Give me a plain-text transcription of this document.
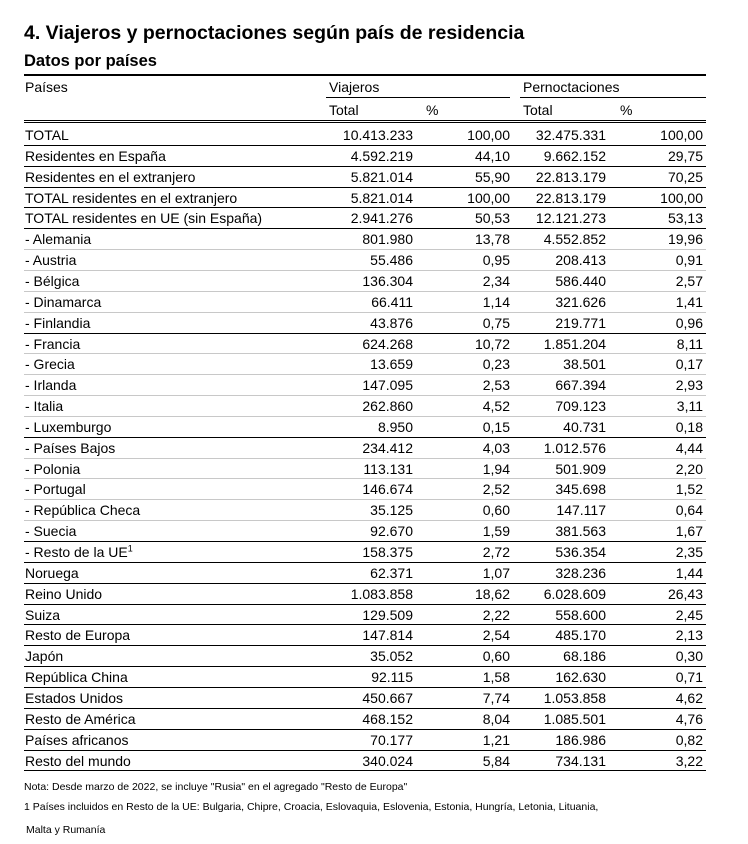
4. Viajeros y pernoctaciones según país de residencia
Datos por países
Países	Viajeros	Pernoctaciones
Total	%	Total	%
TOTAL	10.413.233	100,00	32.475.331	100,00
Residentes en España	4.592.219	44,10	9.662.152	29,75
Residentes en el extranjero	5.821.014	55,90	22.813.179	70,25
TOTAL residentes en el extranjero	5.821.014	100,00	22.813.179	100,00
TOTAL residentes en UE (sin España)	2.941.276	50,53	12.121.273	53,13
- Alemania	801.980	13,78	4.552.852	19,96
- Austria	55.486	0,95	208.413	0,91
- Bélgica	136.304	2,34	586.440	2,57
- Dinamarca	66.411	1,14	321.626	1,41
- Finlandia	43.876	0,75	219.771	0,96
- Francia	624.268	10,72	1.851.204	8,11
- Grecia	13.659	0,23	38.501	0,17
- Irlanda	147.095	2,53	667.394	2,93
- Italia	262.860	4,52	709.123	3,11
- Luxemburgo	8.950	0,15	40.731	0,18
- Países Bajos	234.412	4,03	1.012.576	4,44
- Polonia	113.131	1,94	501.909	2,20
- Portugal	146.674	2,52	345.698	1,52
- República Checa	35.125	0,60	147.117	0,64
- Suecia	92.670	1,59	381.563	1,67
- Resto de la $UE^1$	158.375	2,72	536.354	2,35
Noruega	62.371	1,07	328.236	1,44
Reino Unido	1.083.858	18,62	6.028.609	26,43
Suiza	129.509	2,22	558.600	2,45
Resto de Europa	147.814	2,54	485.170	2,13
Japón	35.052	0,60	68.186	0,30
República China	92.115	1,58	162.630	0,71
Estados Unidos	450.667	7,74	1.053.858	4,62
Resto de América	468.152	8,04	1.085.501	4,76
Países africanos	70.177	1,21	186.986	0,82
Resto del mundo	340.024	5,84	734.131	3,22
Nota: Desde marzo de 2022, se incluye "Rusia" en el agregado "Resto de Europa"
1 Países incluidos en Resto de la UE: Bulgaria, Chipre, Croacia, Eslovaquia, Eslovenia, Estonia, Hungría, Letonia, Lituania,
Malta y Rumanía
